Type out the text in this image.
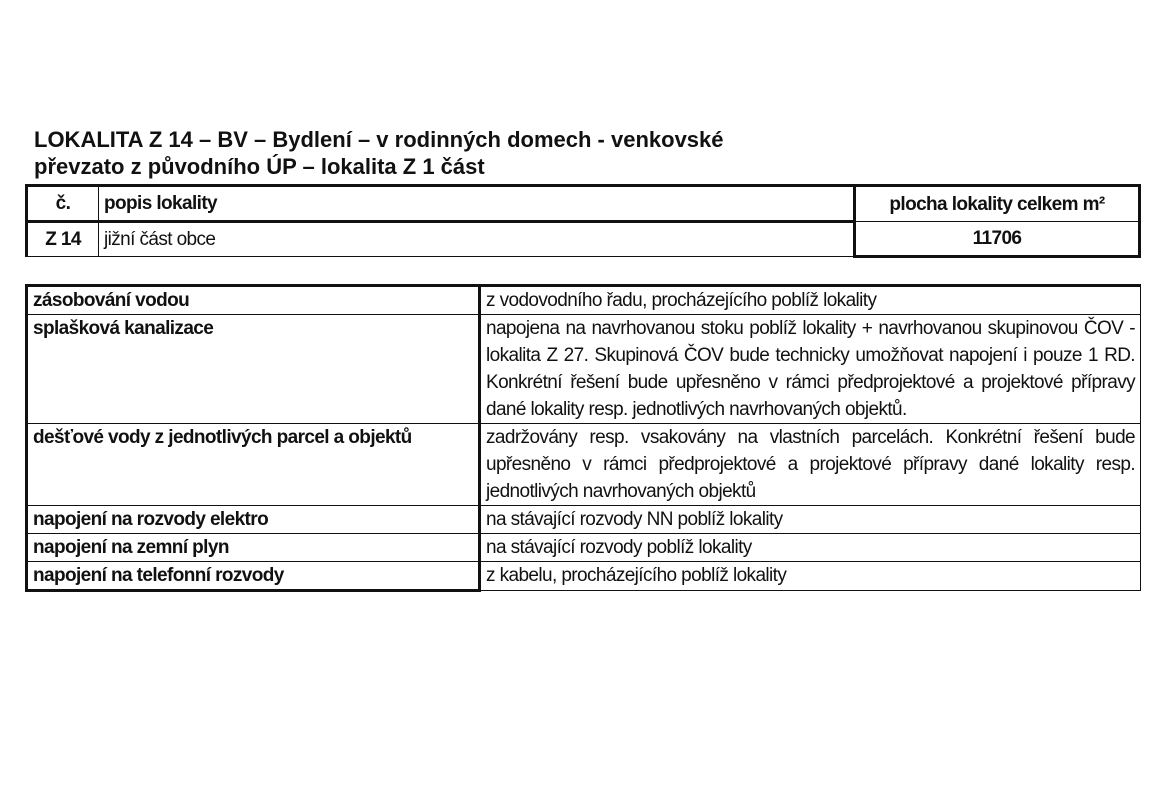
LOKALITA Z 14 – BV – Bydlení – v rodinných domech - venkovské
převzato z původního ÚP – lokalita Z 1 část
č.	popis lokality	plocha lokality celkem m²
Z 14	jižní část obce	11706
zásobování vodou	z vodovodního řadu, procházejícího poblíž lokality
splašková kanalizace	napojena na navrhovanou stoku poblíž lokality + navrhovanou skupinovou ČOV - lokalita Z 27. Skupinová ČOV bude technicky umožňovat napojení i pouze 1 RD. Konkrétní řešení bude upřesněno v rámci předprojektové a projektové přípravy dané lokality resp. jednotlivých navrhovaných objektů.
dešťové vody z jednotlivých parcel a objektů	zadržovány resp. vsakovány na vlastních parcelách. Konkrétní řešení bude upřesněno v rámci předprojektové a projektové přípravy dané lokality resp. jednotlivých navrhovaných objektů
napojení na rozvody elektro	na stávající rozvody NN poblíž lokality
napojení na zemní plyn	na stávající rozvody poblíž lokality
napojení na telefonní rozvody	z kabelu, procházejícího poblíž lokality
